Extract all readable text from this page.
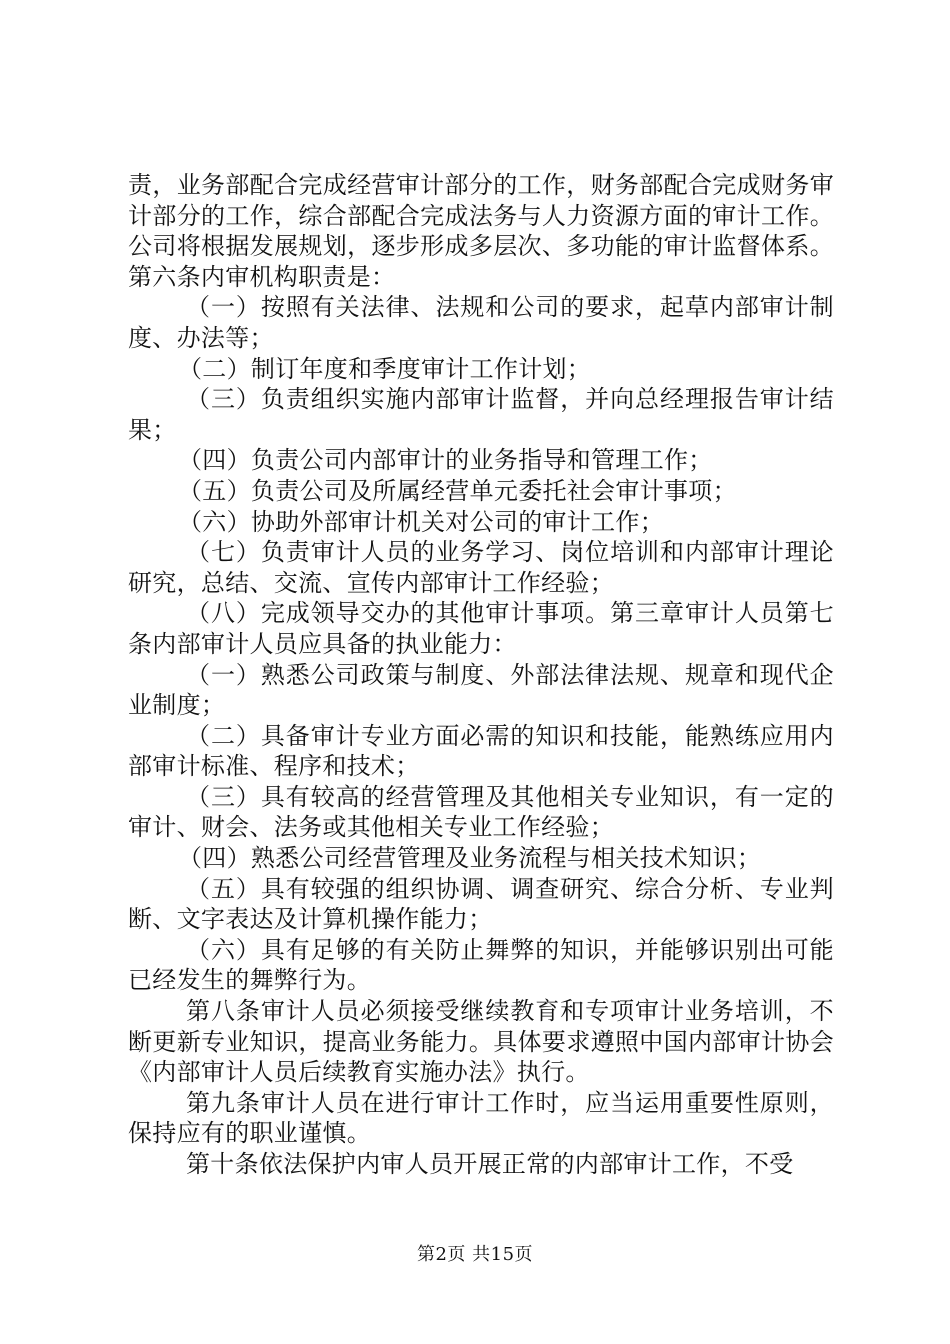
责，业务部配合完成经营审计部分的工作，财务部配合完成财务审计部分的工作，综合部配合完成法务与人力资源方面的审计工作。公司将根据发展规划，逐步形成多层次、多功能的审计监督体系。第六条内审机构职责是：

（一）按照有关法律、法规和公司的要求，起草内部审计制度、办法等；

（二）制订年度和季度审计工作计划；

（三）负责组织实施内部审计监督，并向总经理报告审计结果；

（四）负责公司内部审计的业务指导和管理工作；

（五）负责公司及所属经营单元委托社会审计事项；

（六）协助外部审计机关对公司的审计工作；

（七）负责审计人员的业务学习、岗位培训和内部审计理论研究，总结、交流、宣传内部审计工作经验；

（八）完成领导交办的其他审计事项。第三章审计人员第七条内部审计人员应具备的执业能力：

（一）熟悉公司政策与制度、外部法律法规、规章和现代企业制度；

（二）具备审计专业方面必需的知识和技能，能熟练应用内部审计标准、程序和技术；

（三）具有较高的经营管理及其他相关专业知识，有一定的审计、财会、法务或其他相关专业工作经验；

（四）熟悉公司经营管理及业务流程与相关技术知识；

（五）具有较强的组织协调、调查研究、综合分析、专业判断、文字表达及计算机操作能力；

（六）具有足够的有关防止舞弊的知识，并能够识别出可能已经发生的舞弊行为。

第八条审计人员必须接受继续教育和专项审计业务培训，不断更新专业知识，提高业务能力。具体要求遵照中国内部审计协会《内部审计人员后续教育实施办法》执行。

第九条审计人员在进行审计工作时，应当运用重要性原则，保持应有的职业谨慎。

第十条依法保护内审人员开展正常的内部审计工作，不受

第2页 共15页
